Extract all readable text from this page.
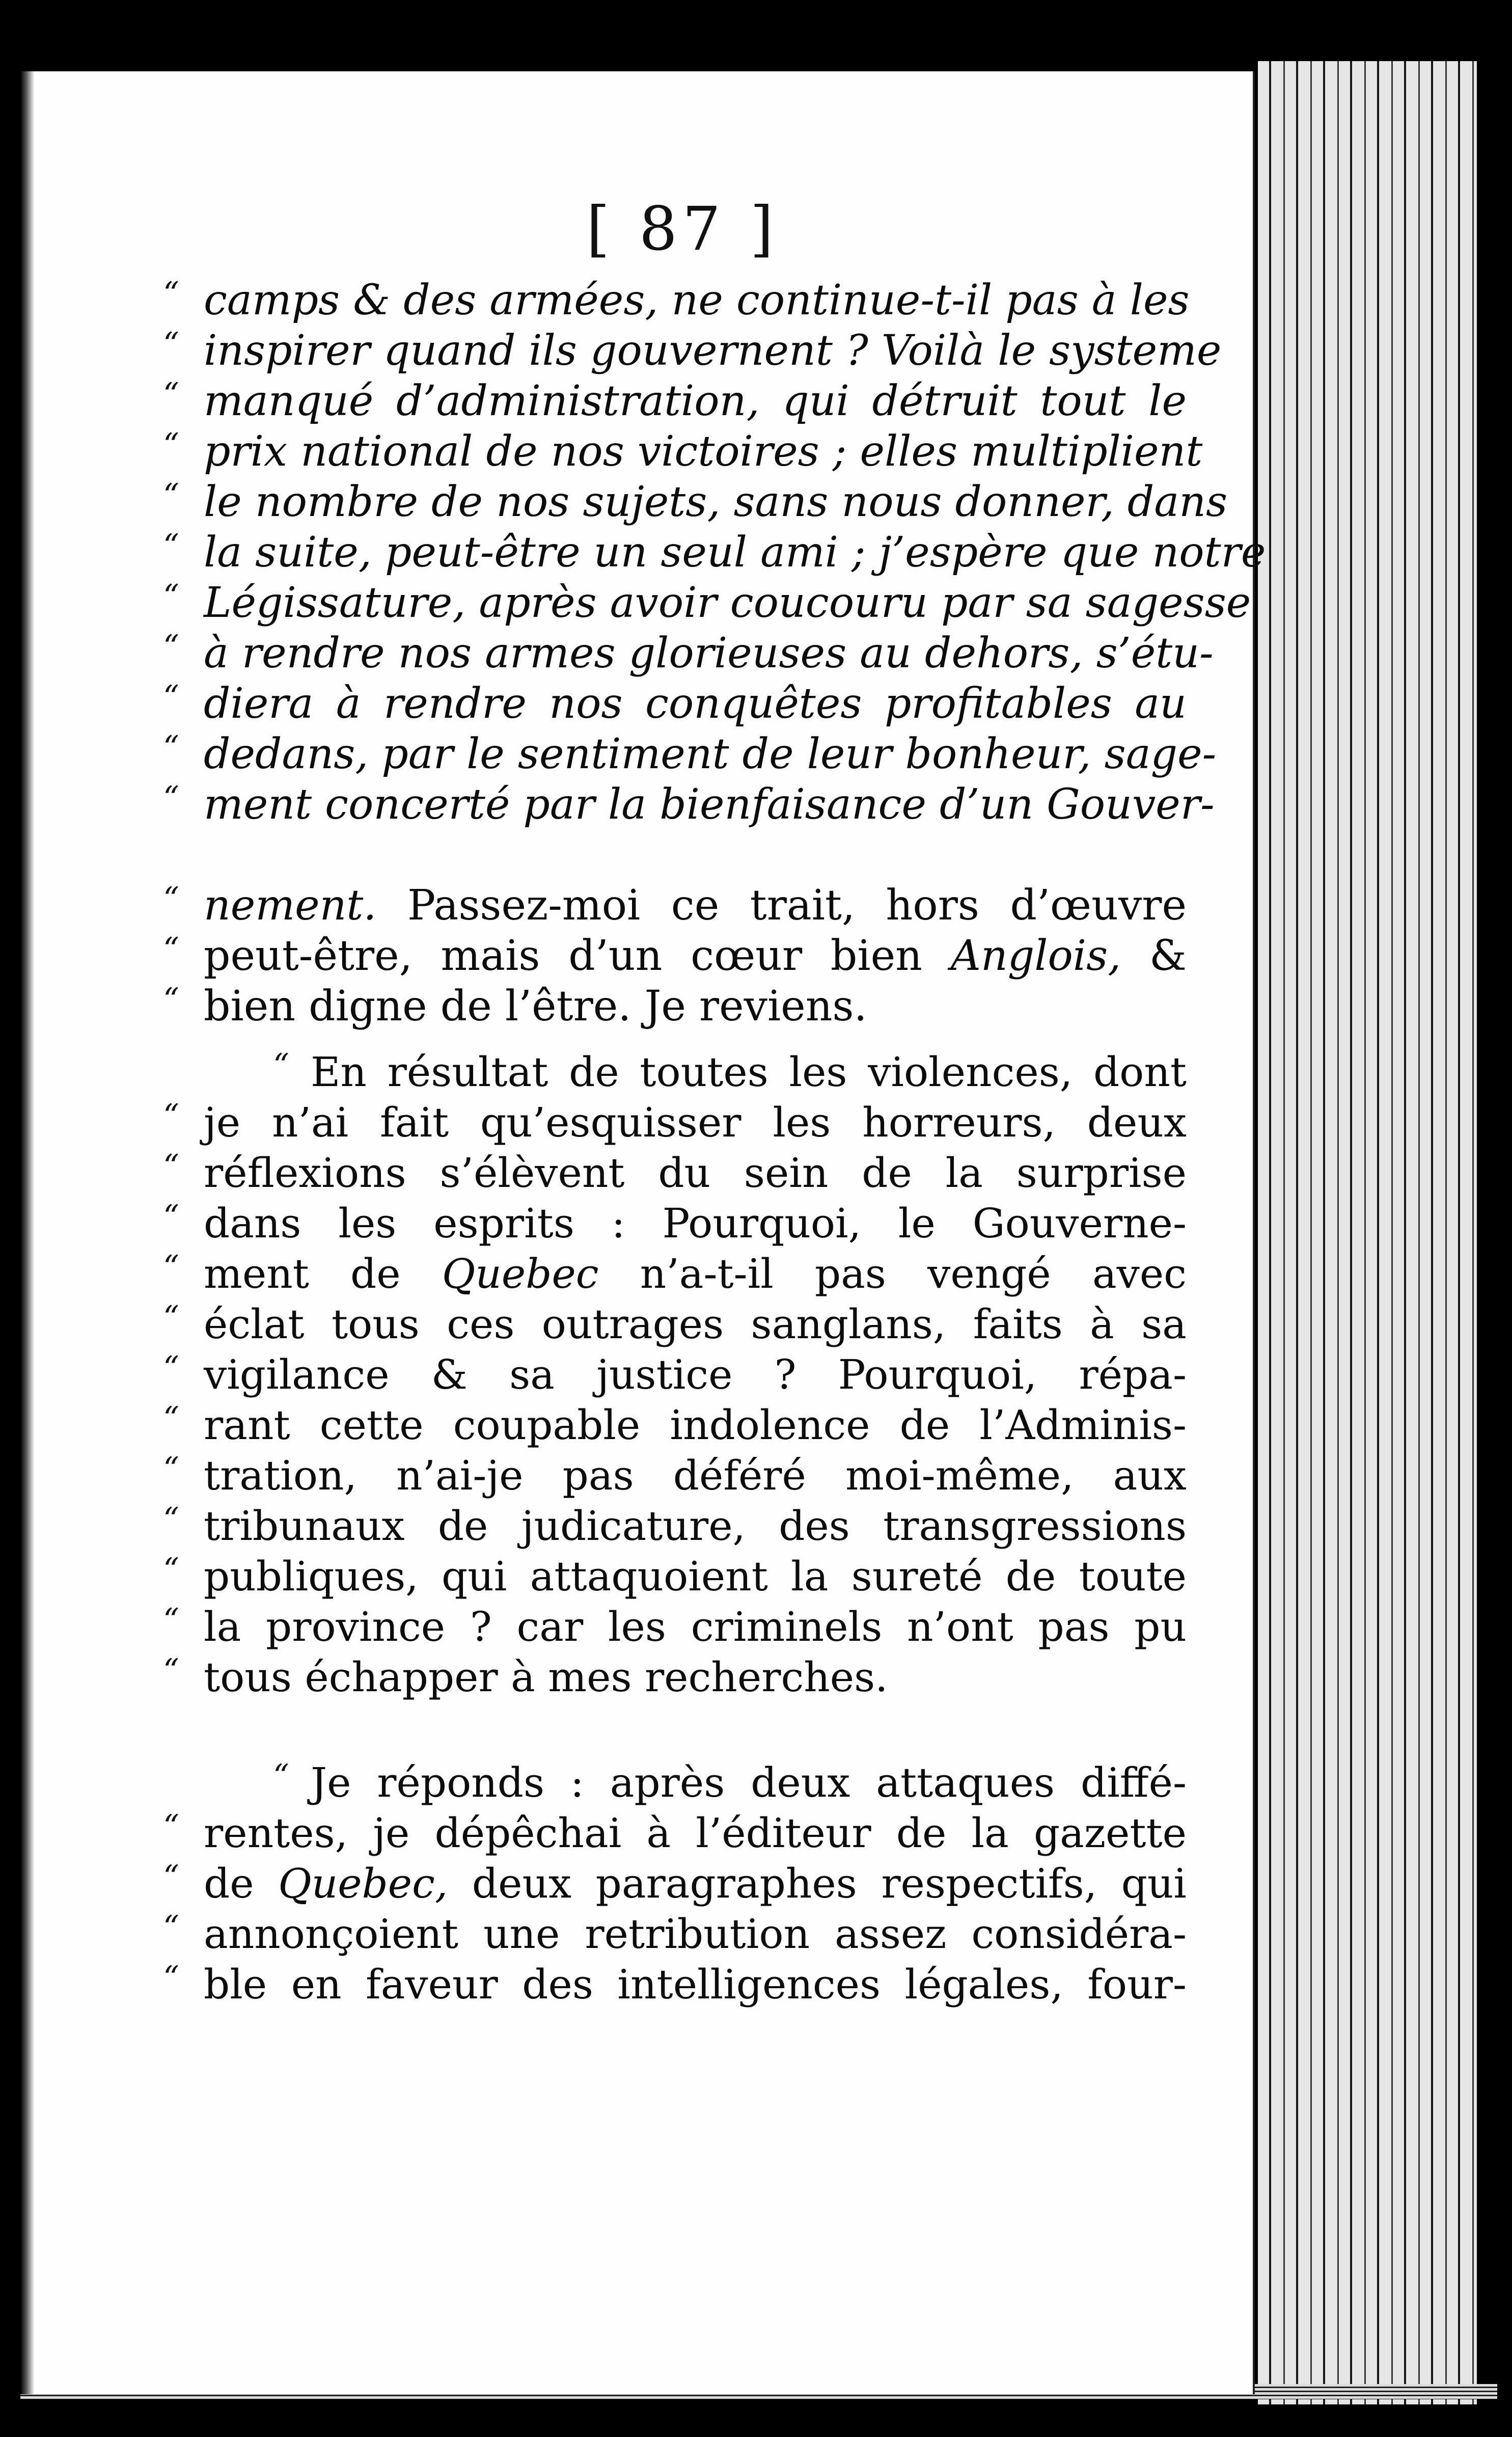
[ 87 ]
“ camps & des armées, ne continue-t-il pas à les
“ inspirer quand ils gouvernent ? Voilà le systeme
“ manqué d’administration, qui détruit tout le
“ prix national de nos victoires ; elles multiplient
“ le nombre de nos sujets, sans nous donner, dans
“ la suite, peut-être un seul ami ; j’espère que notre
“ Légissature, après avoir coucouru par sa sagesse
“ à rendre nos armes glorieuses au dehors, s’étu-
“ diera à rendre nos conquêtes profitables au
“ dedans, par le sentiment de leur bonheur, sage-
“ ment concerté par la bienfaisance d’un Gouver-
“ nement. Passez-moi ce trait, hors d’œuvre
“ peut-être, mais d’un cœur bien Anglois, &
“ bien digne de l’être. Je reviens.
“ En résultat de toutes les violences, dont
“ je n’ai fait qu’esquisser les horreurs, deux
“ réflexions s’élèvent du sein de la surprise
“ dans les esprits : Pourquoi, le Gouverne-
“ ment de Quebec n’a-t-il pas vengé avec
“ éclat tous ces outrages sanglans, faits à sa
“ vigilance & sa justice ? Pourquoi, répa-
“ rant cette coupable indolence de l’Adminis-
“ tration, n’ai-je pas déféré moi-même, aux
“ tribunaux de judicature, des transgressions
“ publiques, qui attaquoient la sureté de toute
“ la province ? car les criminels n’ont pas pu
“ tous échapper à mes recherches.
“ Je réponds : après deux attaques diffé-
“ rentes, je dépêchai à l’éditeur de la gazette
“ de Quebec, deux paragraphes respectifs, qui
“ annonçoient une retribution assez considéra-
“ ble en faveur des intelligences légales, four-
